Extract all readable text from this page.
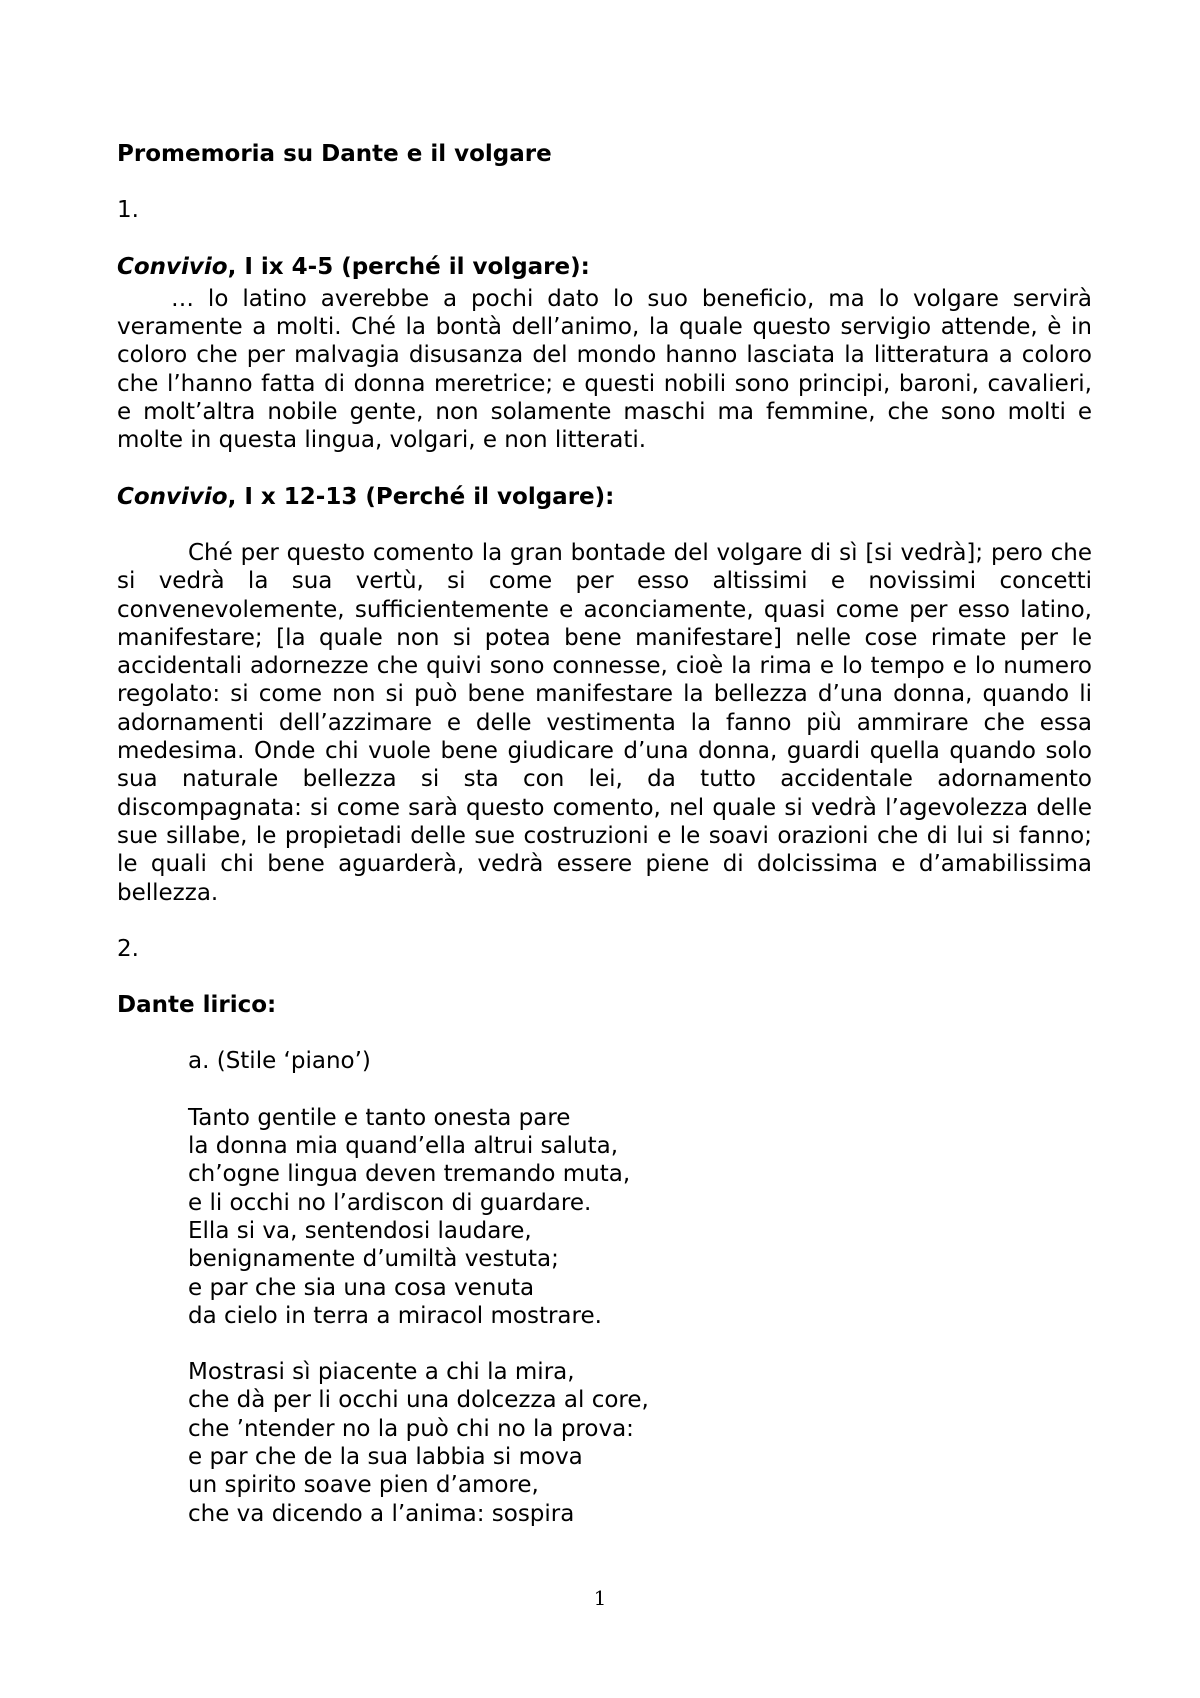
Promemoria su Dante e il volgare
1.
Convivio, I ix 4-5 (perché il volgare):

… lo latino averebbe a pochi dato lo suo beneficio, ma lo volgare servirà veramente a molti. Ché la bontà dell’animo, la quale questo servigio attende, è in coloro che per malvagia disusanza del mondo hanno lasciata la litteratura a coloro che l’hanno fatta di donna meretrice; e questi nobili sono principi, baroni, cavalieri, e molt’altra nobile gente, non solamente maschi ma femmine, che sono molti e molte in questa lingua, volgari, e non litterati.

Convivio, I x 12-13 (Perché il volgare):

Ché per questo comento la gran bontade del volgare di sì [si vedrà]; pero che si vedrà la sua vertù, si come per esso altissimi e novissimi concetti convenevolemente, sufficientemente e aconciamente, quasi come per esso latino, manifestare; [la quale non si potea bene manifestare] nelle cose rimate per le accidentali adornezze che quivi sono connesse, cioè la rima e lo tempo e lo numero regolato: si come non si può bene manifestare la bellezza d’una donna, quando li adornamenti dell’azzimare e delle vestimenta la fanno più ammirare che essa medesima. Onde chi vuole bene giudicare d’una donna, guardi quella quando solo sua naturale bellezza si sta con lei, da tutto accidentale adornamento discompagnata: si come sarà questo comento, nel quale si vedrà l’agevolezza delle sue sillabe, le propietadi delle sue costruzioni e le soavi orazioni che di lui si fanno; le quali chi bene aguarderà, vedrà essere piene di dolcissima e d’amabilissima bellezza.

2.
Dante lirico:
a. (Stile ‘piano’)
Tanto gentile e tanto onesta pare
la donna mia quand’ella altrui saluta,
ch’ogne lingua deven tremando muta,
e li occhi no l’ardiscon di guardare.
Ella si va, sentendosi laudare,
benignamente d’umiltà vestuta;
e par che sia una cosa venuta
da cielo in terra a miracol mostrare.
Mostrasi sì piacente a chi la mira,
che dà per li occhi una dolcezza al core,
che ’ntender no la può chi no la prova:
e par che de la sua labbia si mova
un spirito soave pien d’amore,
che va dicendo a l’anima: sospira
1
